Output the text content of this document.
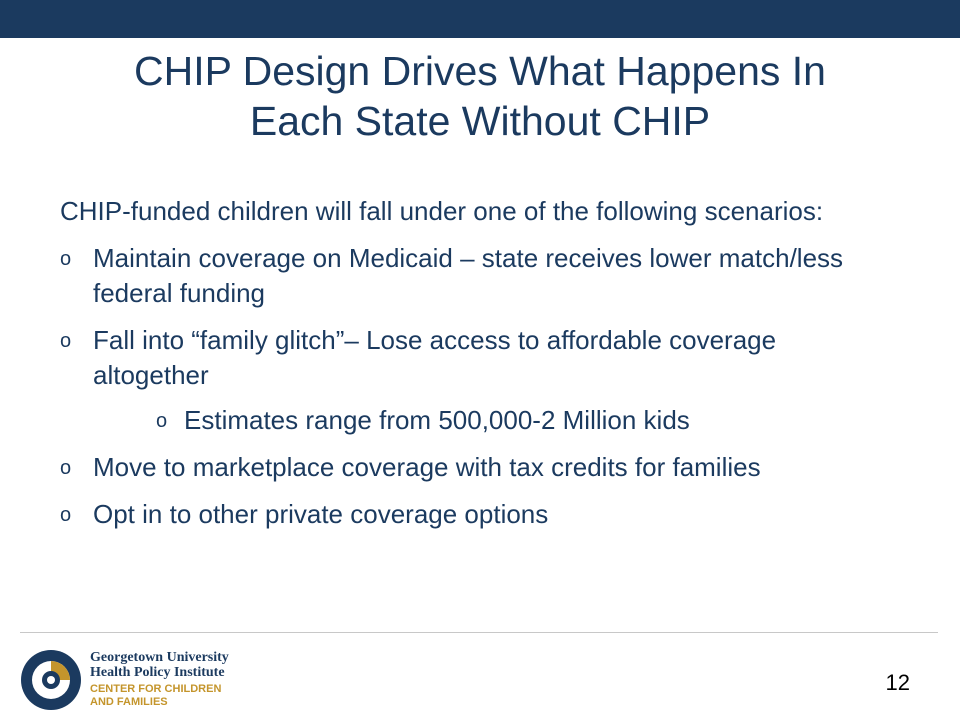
CHIP Design Drives What Happens In
Each State Without CHIP

CHIP-funded children will fall under one of the following scenarios:

o Maintain coverage on Medicaid – state receives lower match/less federal funding
o Fall into “family glitch”– Lose access to affordable coverage altogether
o Estimates range from 500,000-2 Million kids
o Move to marketplace coverage with tax credits for families
o Opt in to other private coverage options
Georgetown University
Health Policy Institute
CENTER FOR CHILDREN
AND FAMILIES
12
